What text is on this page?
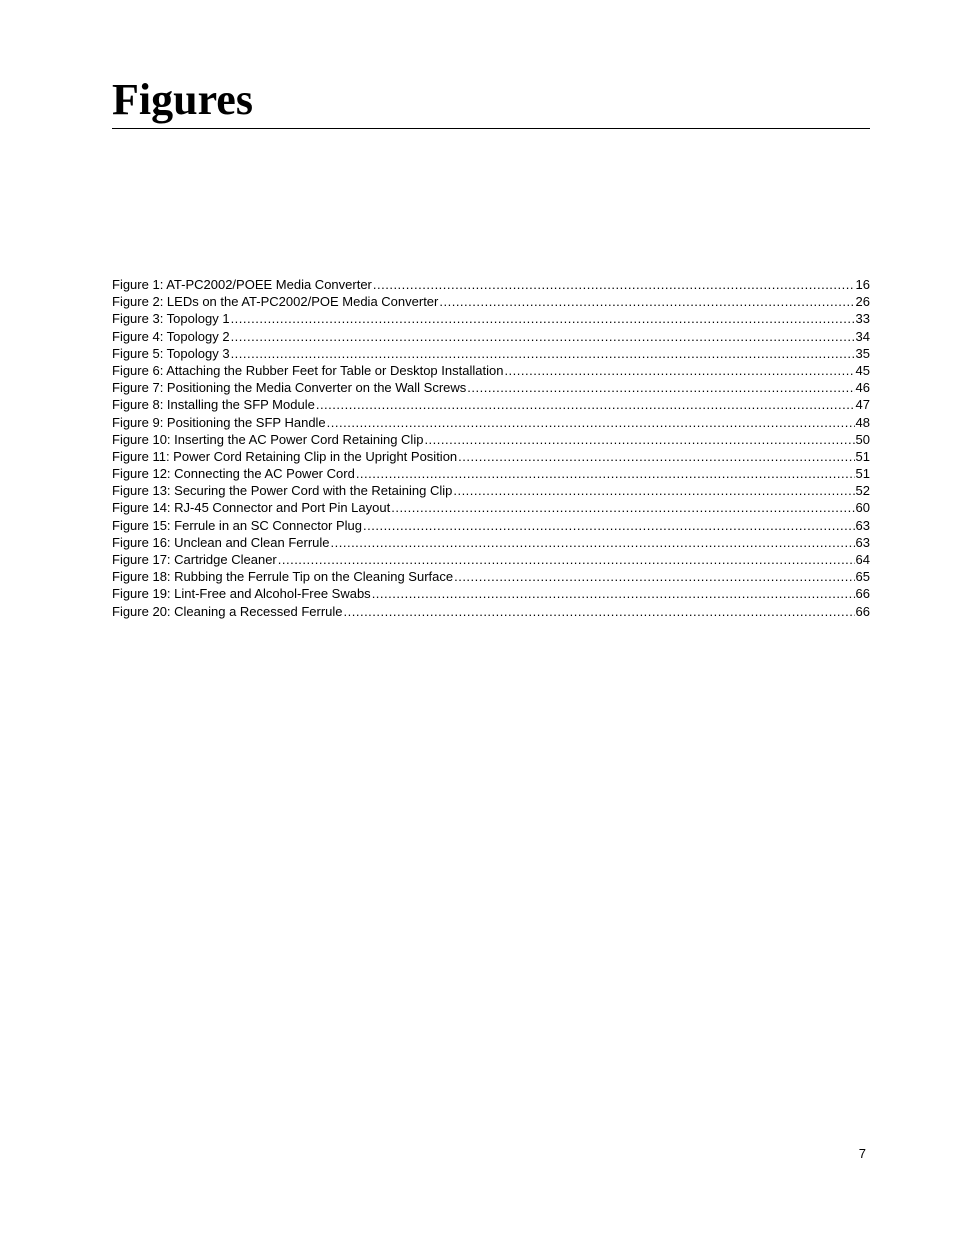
Figures
Figure 1: AT-PC2002/POEE Media Converter .....	16
Figure 2: LEDs on the AT-PC2002/POE Media Converter .....	26
Figure 3: Topology 1 .....	33
Figure 4: Topology 2 .....	34
Figure 5: Topology 3 .....	35
Figure 6: Attaching the Rubber Feet for Table or Desktop Installation .....	45
Figure 7: Positioning the Media Converter on the Wall Screws .....	46
Figure 8: Installing the SFP Module .....	47
Figure 9: Positioning the SFP Handle .....	48
Figure 10: Inserting the AC Power Cord Retaining Clip .....	50
Figure 11: Power Cord Retaining Clip in the Upright Position .....	51
Figure 12: Connecting the AC Power Cord .....	51
Figure 13: Securing the Power Cord with the Retaining Clip .....	52
Figure 14: RJ-45 Connector and Port Pin Layout .....	60
Figure 15: Ferrule in an SC Connector Plug .....	63
Figure 16: Unclean and Clean Ferrule .....	63
Figure 17: Cartridge Cleaner .....	64
Figure 18: Rubbing the Ferrule Tip on the Cleaning Surface .....	65
Figure 19: Lint-Free and Alcohol-Free Swabs .....	66
Figure 20: Cleaning a Recessed Ferrule .....	66
7
